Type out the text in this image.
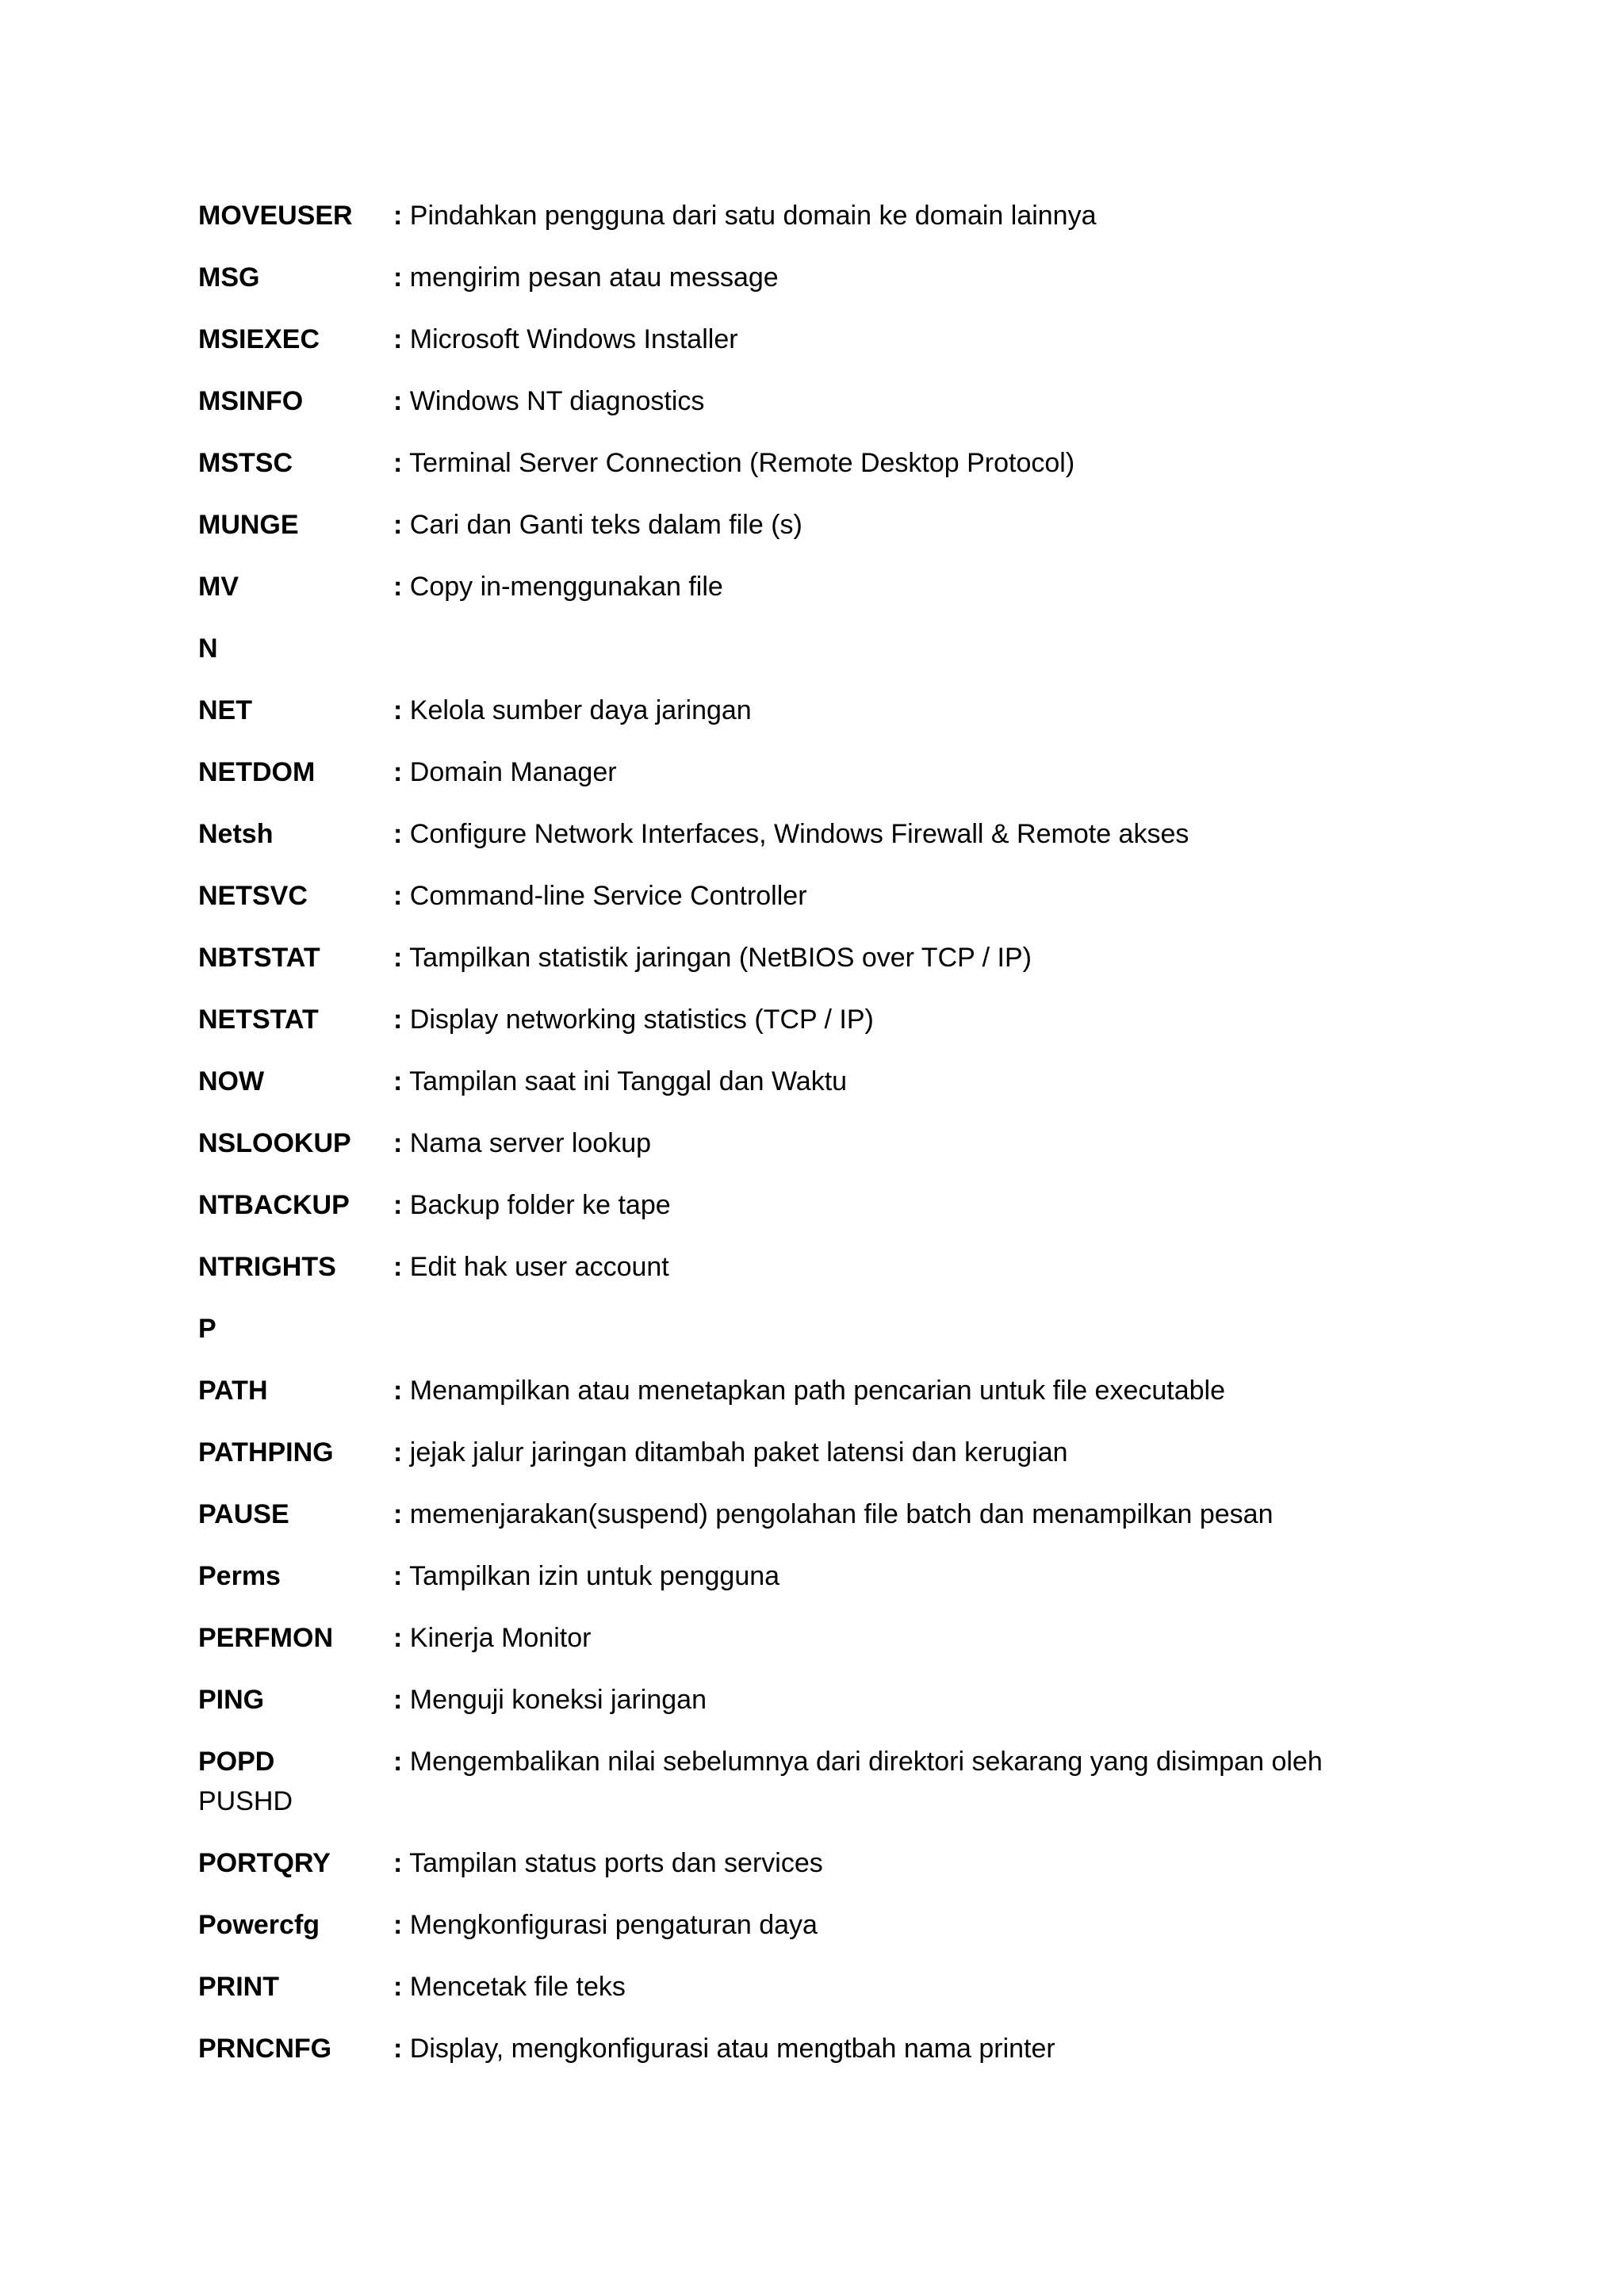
MOVEUSER : Pindahkan pengguna dari satu domain ke domain lainnya
MSG	: mengirim pesan atau message
MSIEXEC	: Microsoft Windows Installer
MSINFO	: Windows NT diagnostics
MSTSC	: Terminal Server Connection (Remote Desktop Protocol)
MUNGE	: Cari dan Ganti teks dalam file (s)
MV	: Copy in-menggunakan file
N
NET	: Kelola sumber daya jaringan
NETDOM	: Domain Manager
Netsh	: Configure Network Interfaces, Windows Firewall & Remote akses
NETSVC	: Command-line Service Controller
NBTSTAT	: Tampilkan statistik jaringan (NetBIOS over TCP / IP)
NETSTAT	: Display networking statistics (TCP / IP)
NOW	: Tampilan saat ini Tanggal dan Waktu
NSLOOKUP : Nama server lookup
NTBACKUP : Backup folder ke tape
NTRIGHTS : Edit hak user account
P
PATH	: Menampilkan atau menetapkan path pencarian untuk file executable
PATHPING : jejak jalur jaringan ditambah paket latensi dan kerugian
PAUSE	: memenjarakan(suspend) pengolahan file batch dan menampilkan pesan
Perms	: Tampilkan izin untuk pengguna
PERFMON : Kinerja Monitor
PING	: Menguji koneksi jaringan
POPD	: Mengembalikan nilai sebelumnya dari direktori sekarang yang disimpan oleh
PUSHD
PORTQRY : Tampilan status ports dan services
Powercfg	: Mengkonfigurasi pengaturan daya
PRINT	: Mencetak file teks
PRNCNFG : Display, mengkonfigurasi atau mengtbah nama printer
